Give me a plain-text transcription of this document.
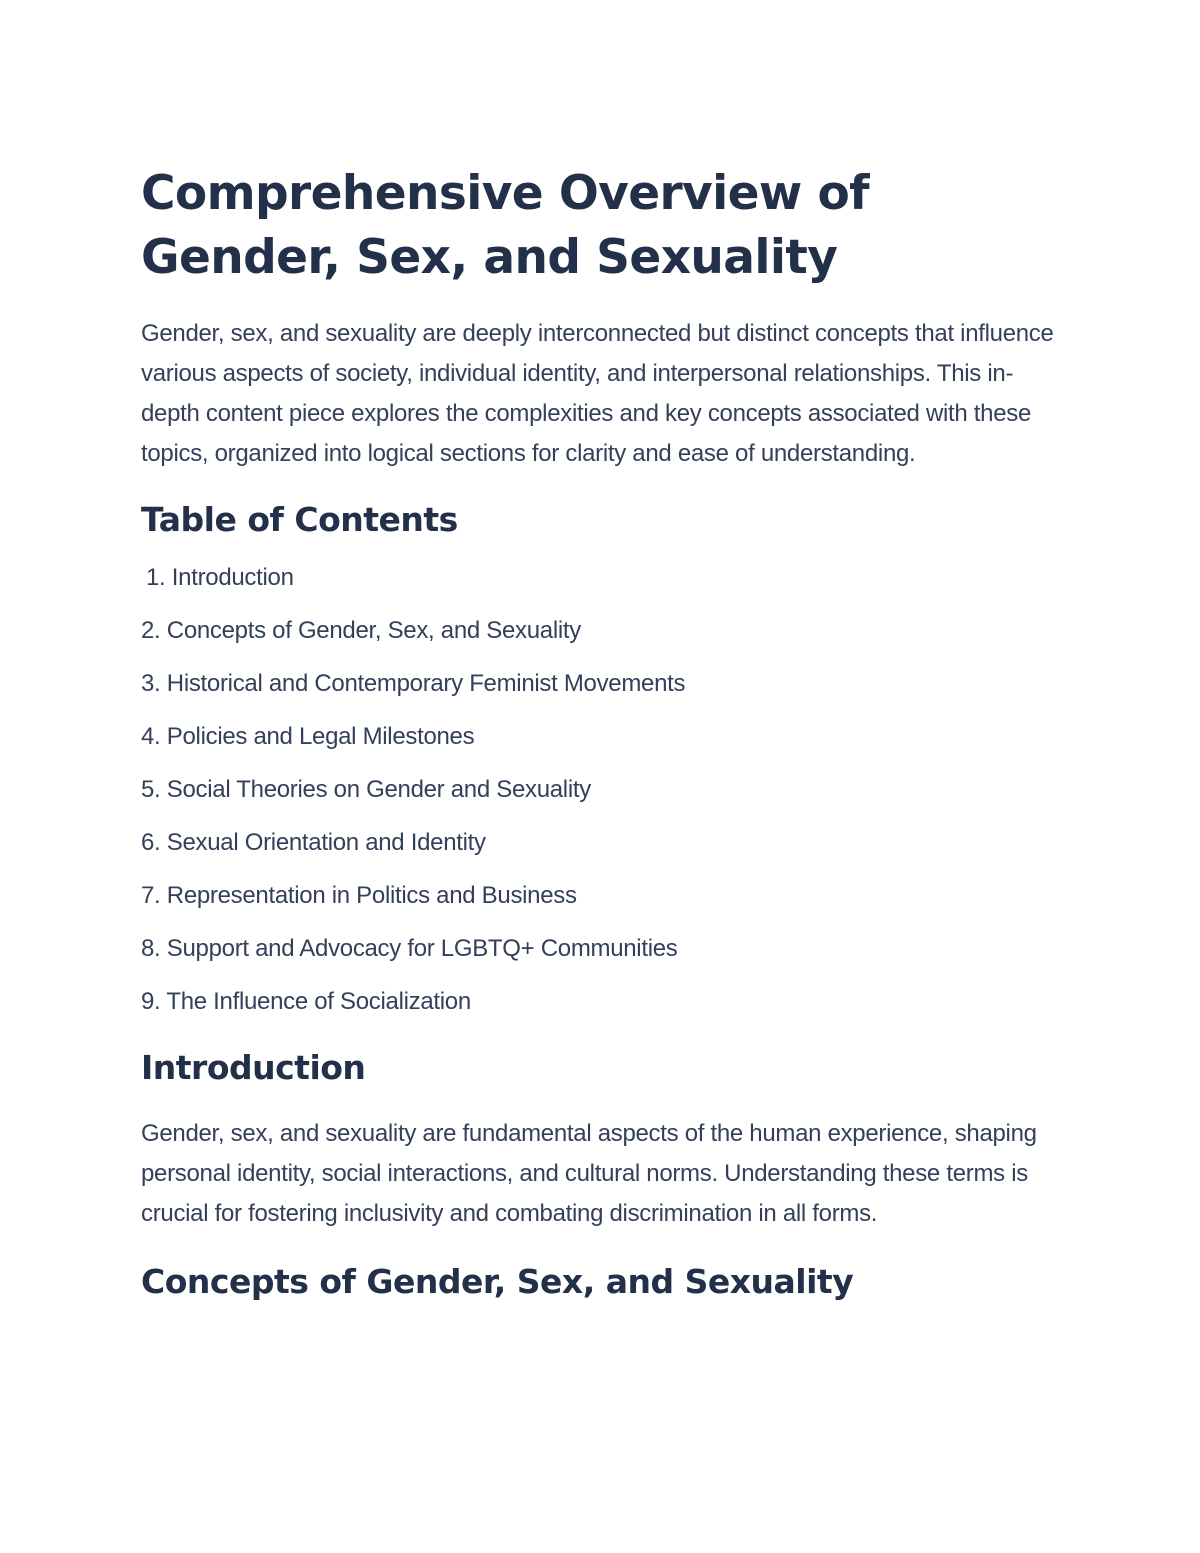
Comprehensive Overview of Gender, Sex, and Sexuality

Gender, sex, and sexuality are deeply interconnected but distinct concepts that influence various aspects of society, individual identity, and interpersonal relationships. This in-depth content piece explores the complexities and key concepts associated with these topics, organized into logical sections for clarity and ease of understanding.

Table of Contents
1. Introduction
2. Concepts of Gender, Sex, and Sexuality
3. Historical and Contemporary Feminist Movements
4. Policies and Legal Milestones
5. Social Theories on Gender and Sexuality
6. Sexual Orientation and Identity
7. Representation in Politics and Business
8. Support and Advocacy for LGBTQ+ Communities
9. The Influence of Socialization
Introduction

Gender, sex, and sexuality are fundamental aspects of the human experience, shaping personal identity, social interactions, and cultural norms. Understanding these terms is crucial for fostering inclusivity and combating discrimination in all forms.

Concepts of Gender, Sex, and Sexuality
